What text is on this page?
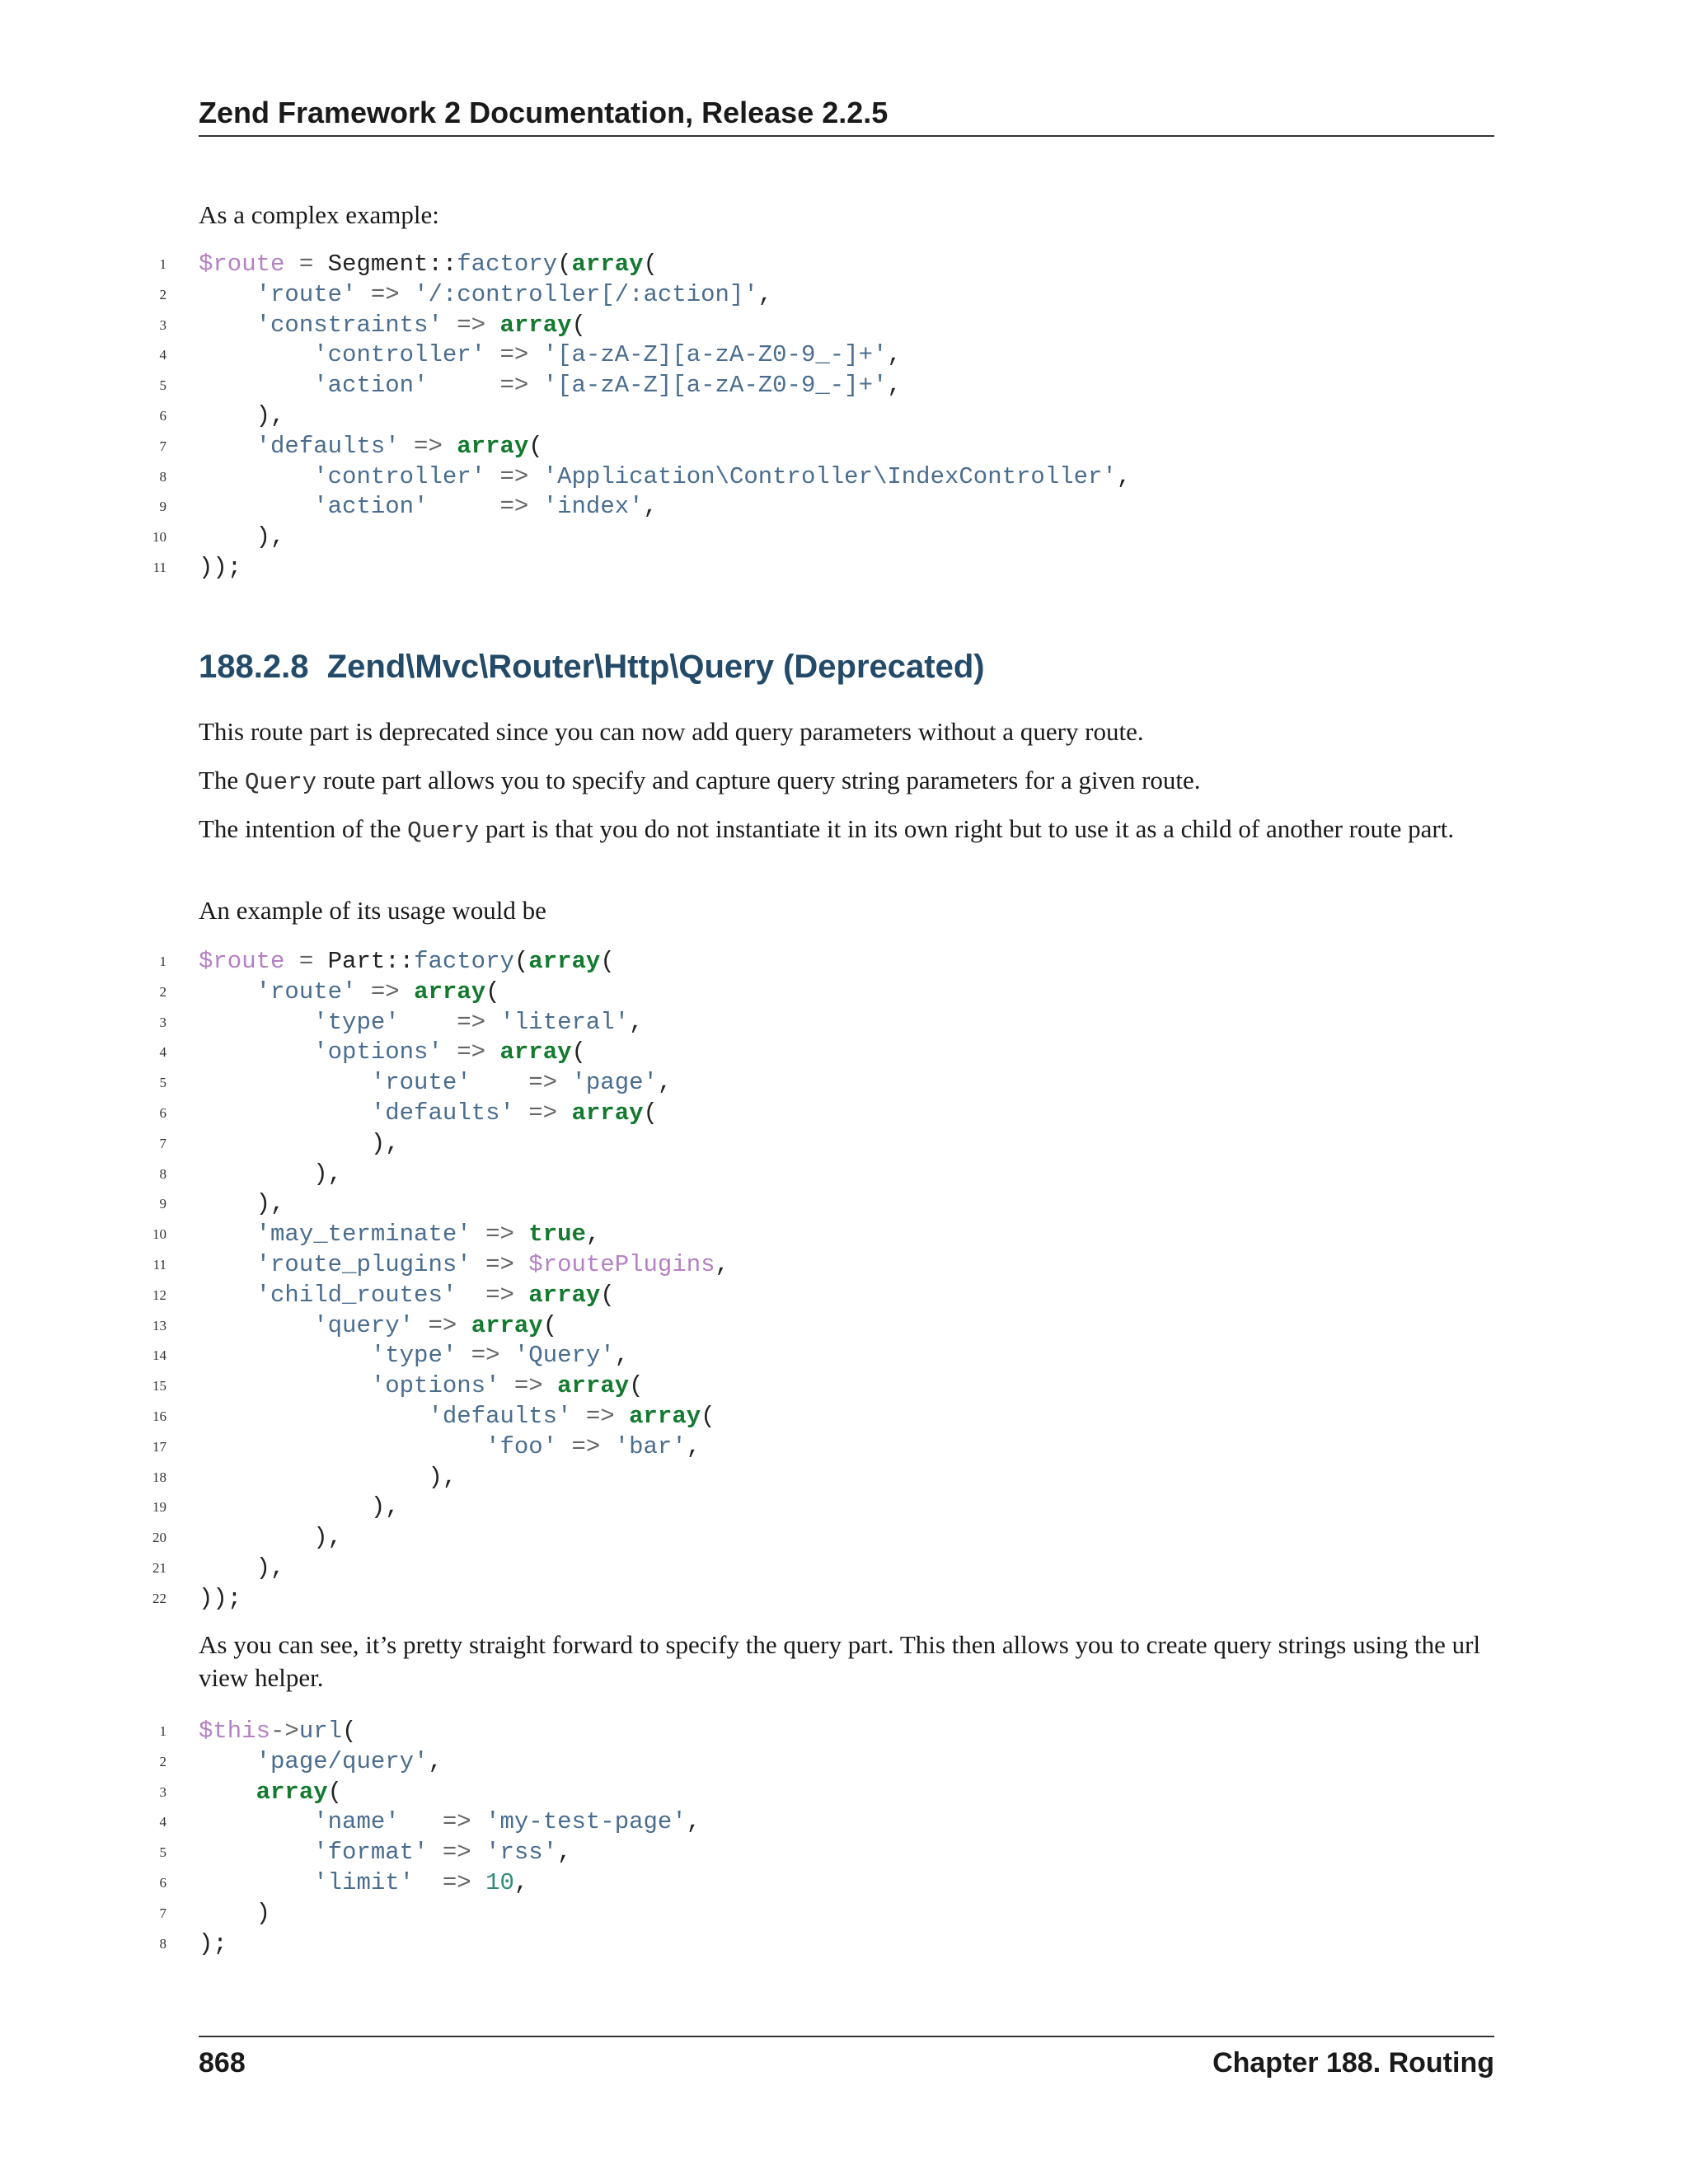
Zend Framework 2 Documentation, Release 2.2.5

As a complex example:

1 $route = Segment::factory(array(
2	'route' => '/:controller[/:action]',
3	'constraints' => array(
4	'controller' => '[a-zA-Z][a-zA-Z0-9_-]+',
5	'action'     => '[a-zA-Z][a-zA-Z0-9_-]+',
6	),
7	'defaults' => array(
8	'controller' => 'Application\Controller\IndexController',
9	'action'     => 'index',
10	),
11 ));
188.2.8 Zend\Mvc\Router\Http\Query (Deprecated)

This route part is deprecated since you can now add query parameters without a query route.

The Query route part allows you to specify and capture query string parameters for a given route.

The intention of the Query part is that you do not instantiate it in its own right but to use it as a child of another route part.

An example of its usage would be

1 $route = Part::factory(array(
2	'route' => array(
3	'type'    => 'literal',
4	'options' => array(
5	'route'    => 'page',
6	'defaults' => array(
7	),
8	),
9	),
10	'may_terminate' => true,
11	'route_plugins' => $routePlugins,
12	'child_routes'  => array(
13	'query' => array(
14	'type' => 'Query',
15	'options' => array(
16	'defaults' => array(
17	'foo' => 'bar',
18	),
19	),
20	),
21	),
22 ));

As you can see, it’s pretty straight forward to specify the query part. This then allows you to create query strings using the url view helper.

1 $this->url(
2	'page/query',
3	array(
4	'name'   => 'my-test-page',
5	'format' => 'rss',
6	'limit'  => 10,
7	)
8 );
868	Chapter 188. Routing
